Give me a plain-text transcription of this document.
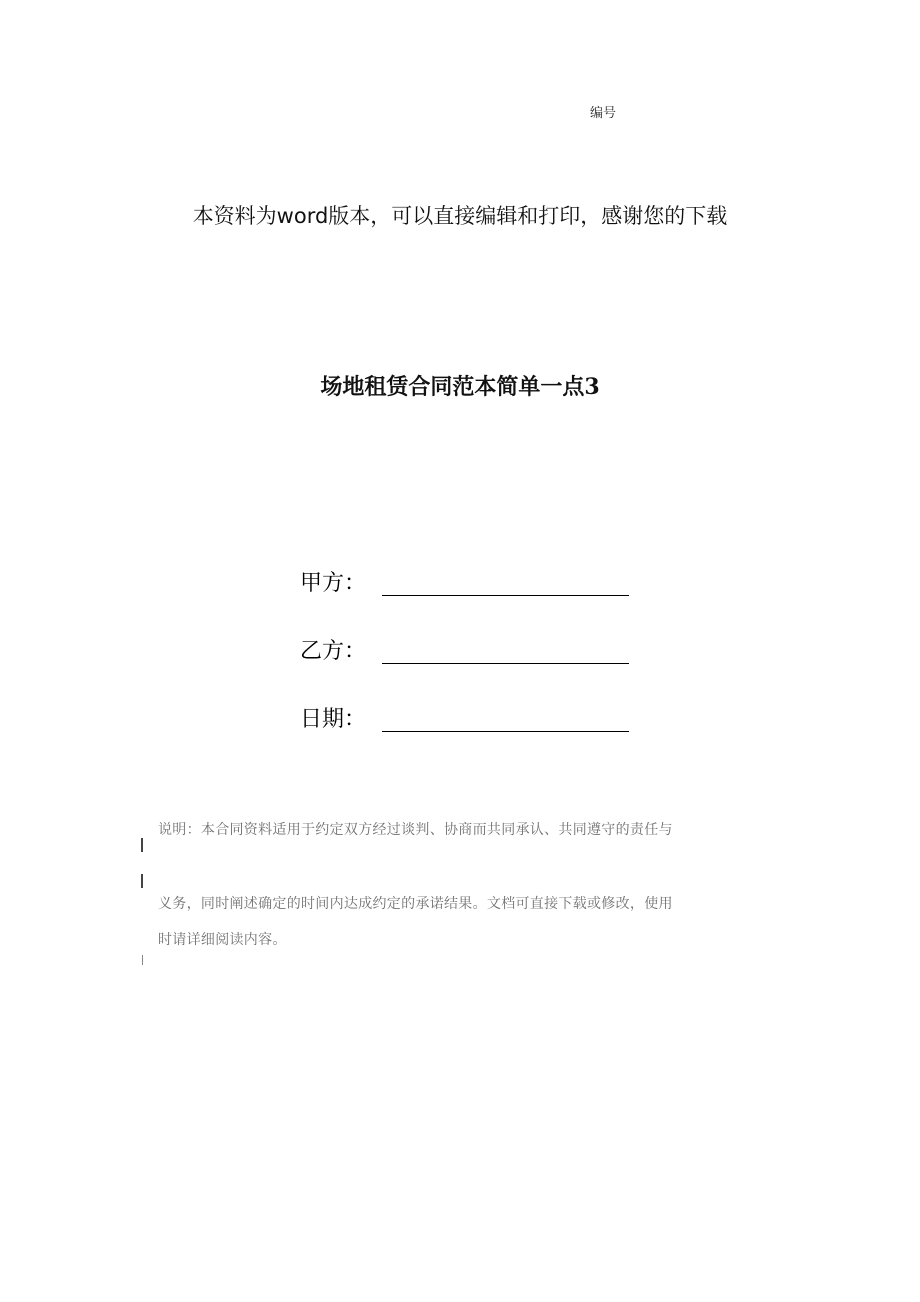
编号
本资料为word版本，可以直接编辑和打印，感谢您的下载
场地租赁合同范本简单一点3
甲方：
乙方：
日期：
说明：本合同资料适用于约定双方经过谈判、协商而共同承认、共同遵守的责任与
义务，同时阐述确定的时间内达成约定的承诺结果。文档可直接下载或修改，使用
时请详细阅读内容。
